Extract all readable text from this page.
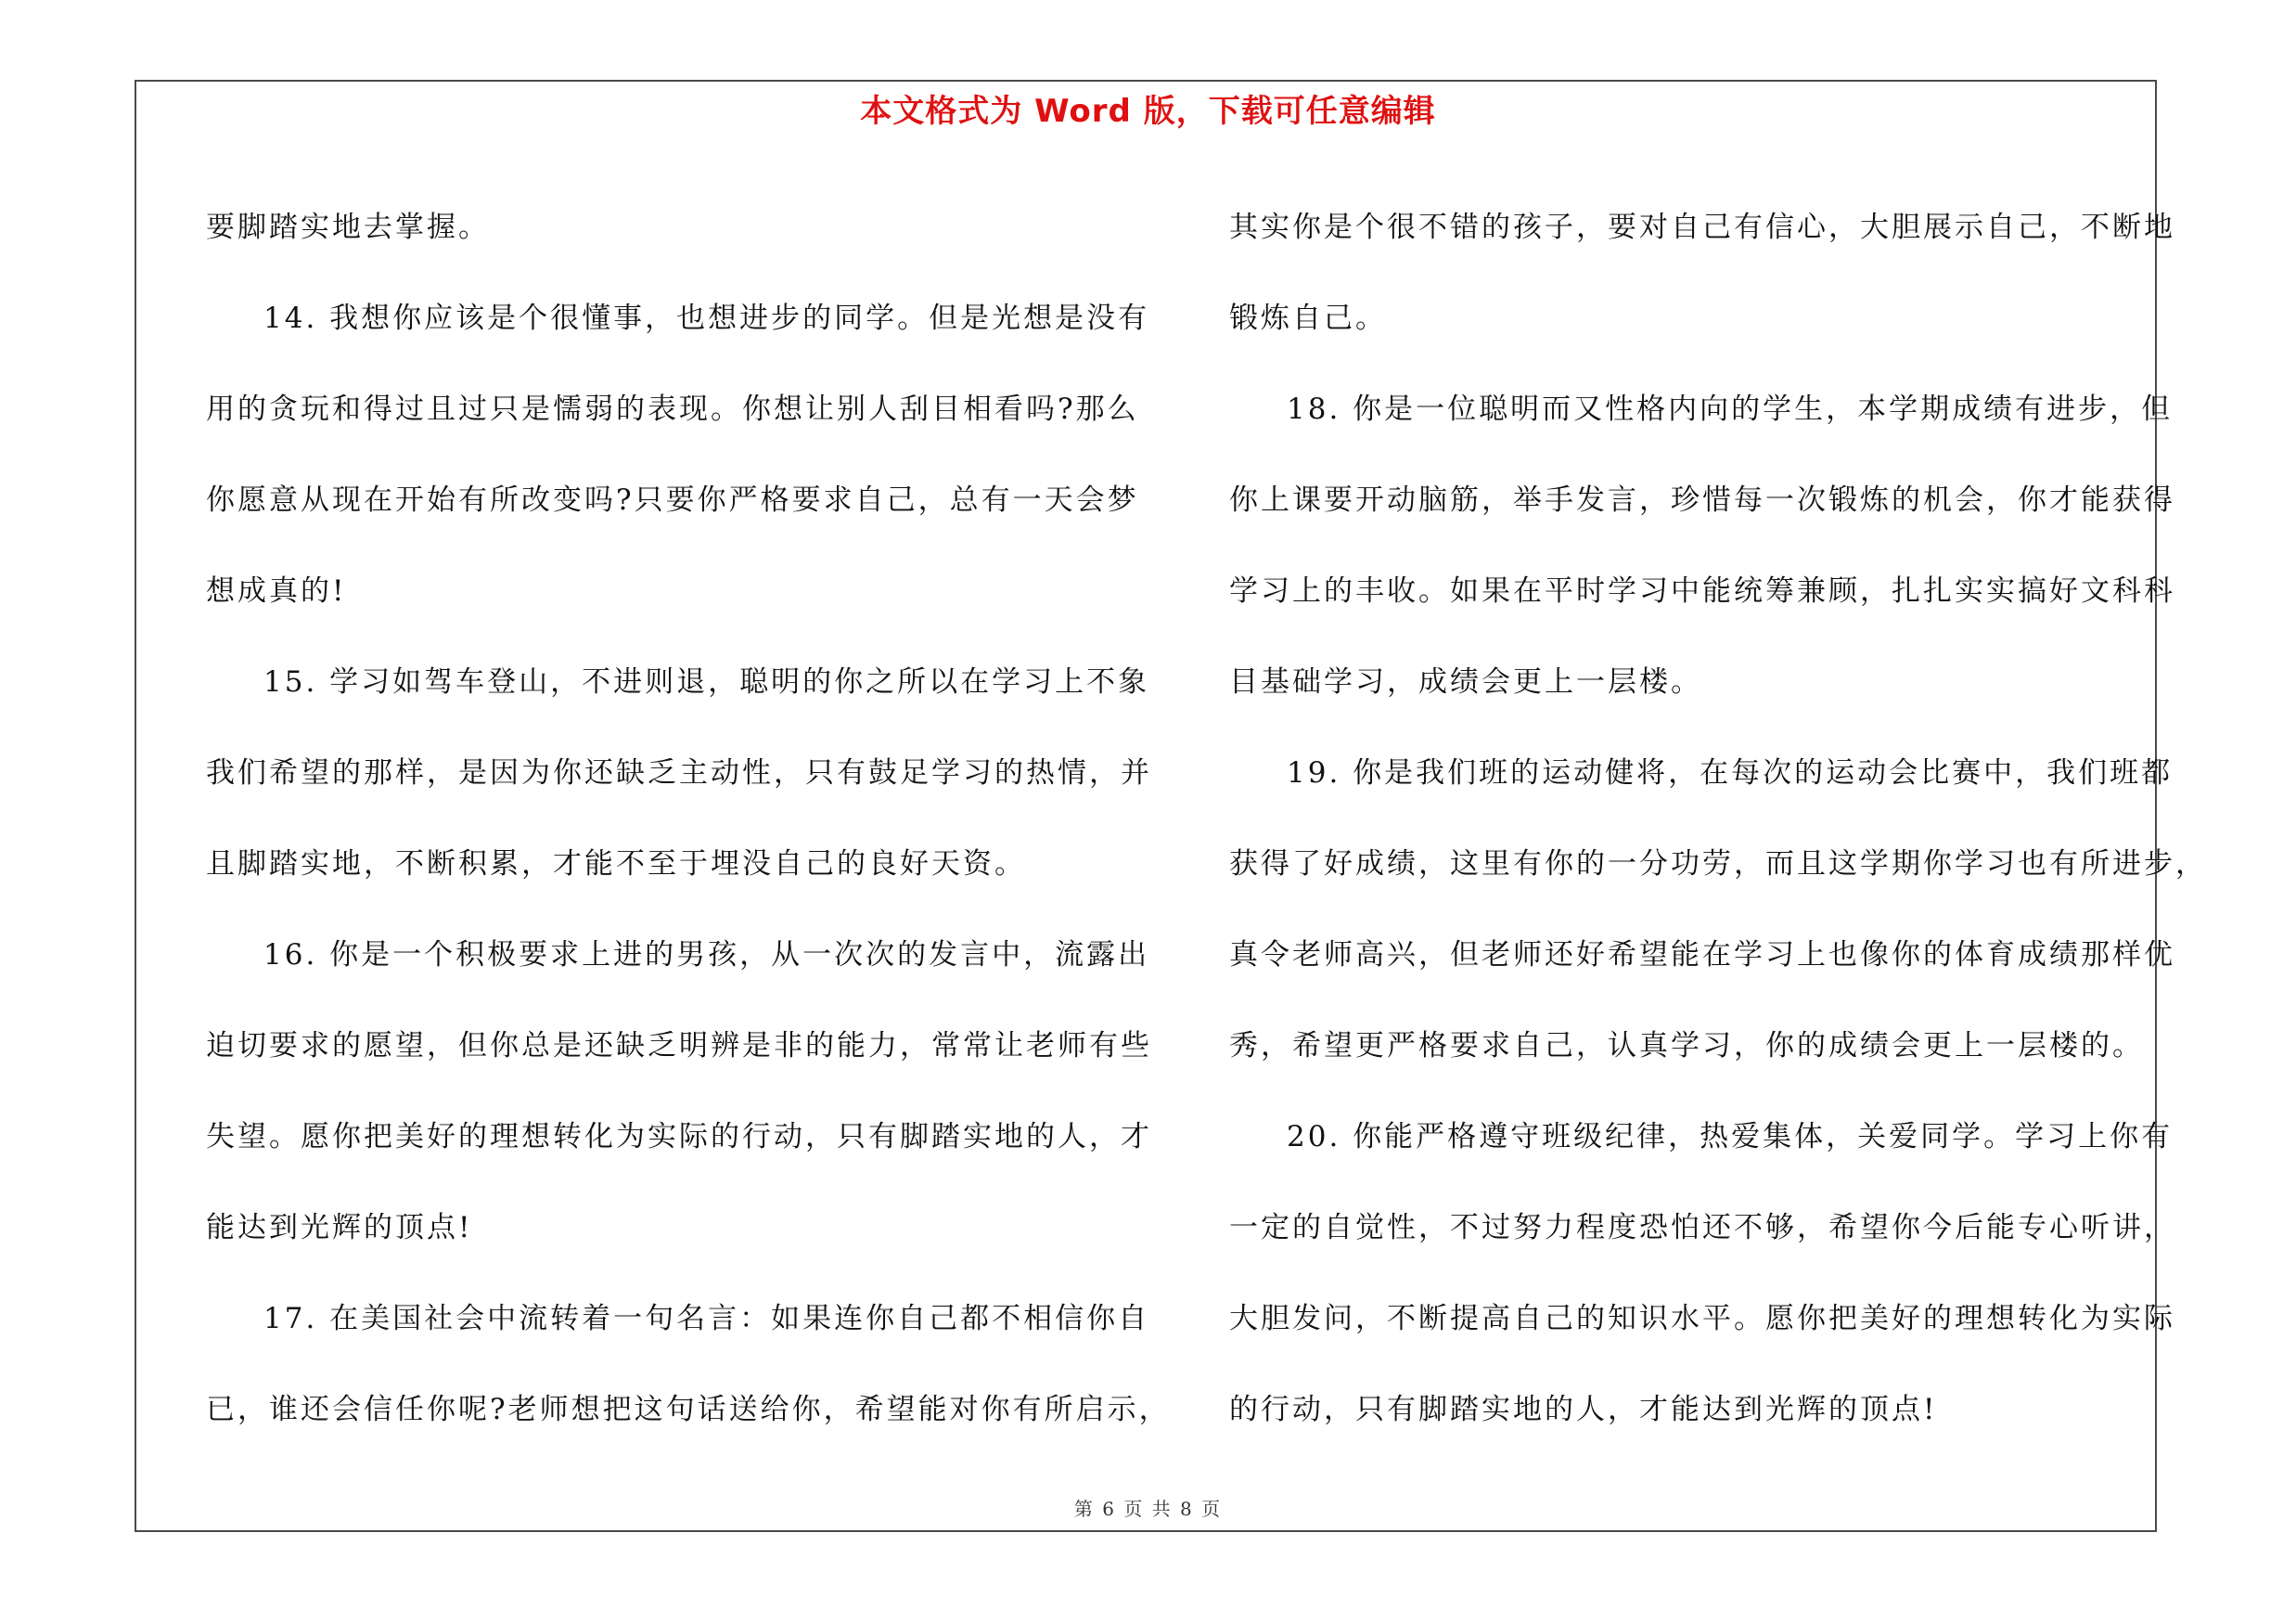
本文格式为 Word 版，下载可任意编辑
要脚踏实地去掌握。
14. 我想你应该是个很懂事，也想进步的同学。但是光想是没有
用的贪玩和得过且过只是懦弱的表现。你想让别人刮目相看吗?那么
你愿意从现在开始有所改变吗?只要你严格要求自己，总有一天会梦
想成真的!
15. 学习如驾车登山，不进则退，聪明的你之所以在学习上不象
我们希望的那样，是因为你还缺乏主动性，只有鼓足学习的热情，并
且脚踏实地，不断积累，才能不至于埋没自己的良好天资。
16. 你是一个积极要求上进的男孩，从一次次的发言中，流露出
迫切要求的愿望，但你总是还缺乏明辨是非的能力，常常让老师有些
失望。愿你把美好的理想转化为实际的行动，只有脚踏实地的人，才
能达到光辉的顶点!
17. 在美国社会中流转着一句名言：如果连你自己都不相信你自
已，谁还会信任你呢?老师想把这句话送给你，希望能对你有所启示，
其实你是个很不错的孩子，要对自己有信心，大胆展示自己，不断地
锻炼自己。
18. 你是一位聪明而又性格内向的学生，本学期成绩有进步，但
你上课要开动脑筋，举手发言，珍惜每一次锻炼的机会，你才能获得
学习上的丰收。如果在平时学习中能统筹兼顾，扎扎实实搞好文科科
目基础学习，成绩会更上一层楼。
19. 你是我们班的运动健将，在每次的运动会比赛中，我们班都
获得了好成绩，这里有你的一分功劳，而且这学期你学习也有所进步，
真令老师高兴，但老师还好希望能在学习上也像你的体育成绩那样优
秀，希望更严格要求自己，认真学习，你的成绩会更上一层楼的。
20. 你能严格遵守班级纪律，热爱集体，关爱同学。学习上你有
一定的自觉性，不过努力程度恐怕还不够，希望你今后能专心听讲，
大胆发问，不断提高自己的知识水平。愿你把美好的理想转化为实际
的行动，只有脚踏实地的人，才能达到光辉的顶点!
第 6 页 共 8 页
